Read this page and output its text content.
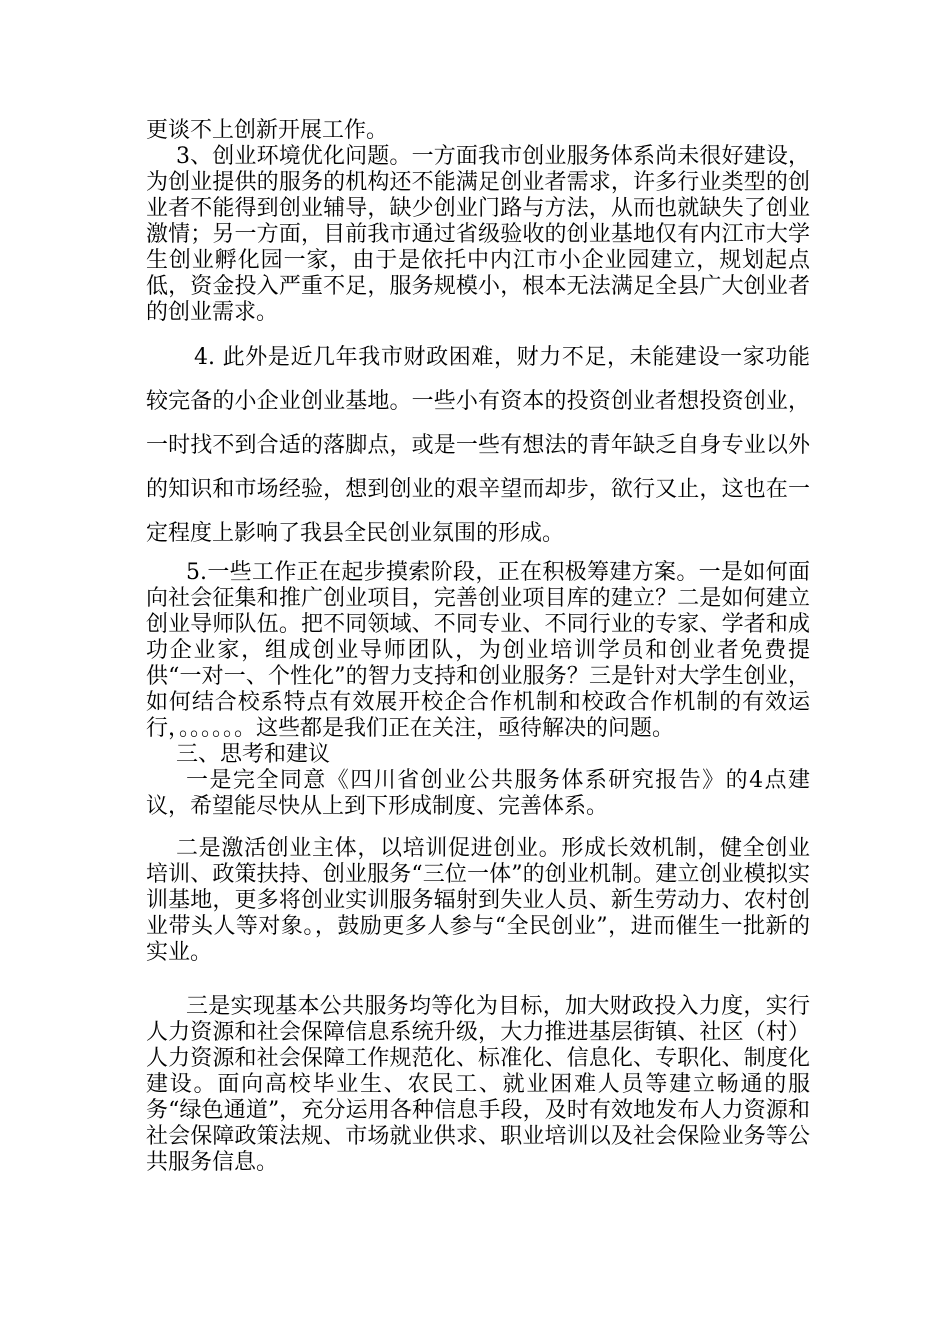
更谈不上创新开展工作。

3、创业环境优化问题。一方面我市创业服务体系尚未很好建设，为创业提供的服务的机构还不能满足创业者需求，许多行业类型的创业者不能得到创业辅导，缺少创业门路与方法，从而也就缺失了创业激情；另一方面，目前我市通过省级验收的创业基地仅有内江市大学生创业孵化园一家，由于是依托中内江市小企业园建立，规划起点低，资金投入严重不足，服务规模小，根本无法满足全县广大创业者的创业需求。

4. 此外是近几年我市财政困难，财力不足，未能建设一家功能较完备的小企业创业基地。一些小有资本的投资创业者想投资创业，一时找不到合适的落脚点，或是一些有想法的青年缺乏自身专业以外的知识和市场经验，想到创业的艰辛望而却步，欲行又止，这也在一定程度上影响了我县全民创业氛围的形成。

5.一些工作正在起步摸索阶段，正在积极筹建方案。一是如何面向社会征集和推广创业项目，完善创业项目库的建立？二是如何建立创业导师队伍。把不同领域、不同专业、不同行业的专家、学者和成功企业家，组成创业导师团队，为创业培训学员和创业者免费提供“一对一、个性化”的智力支持和创业服务？三是针对大学生创业，如何结合校系特点有效展开校企合作机制和校政合作机制的有效运行，。。。。。。这些都是我们正在关注，亟待解决的问题。

三、思考和建议

一是完全同意《四川省创业公共服务体系研究报告》的4点建议，希望能尽快从上到下形成制度、完善体系。

二是激活创业主体，以培训促进创业。形成长效机制，健全创业培训、政策扶持、创业服务“三位一体”的创业机制。建立创业模拟实训基地，更多将创业实训服务辐射到失业人员、新生劳动力、农村创业带头人等对象。，鼓励更多人参与“全民创业”，进而催生一批新的实业。

三是实现基本公共服务均等化为目标，加大财政投入力度，实行人力资源和社会保障信息系统升级，大力推进基层街镇、社区（村）人力资源和社会保障工作规范化、标准化、信息化、专职化、制度化建设。面向高校毕业生、农民工、就业困难人员等建立畅通的服务“绿色通道”，充分运用各种信息手段，及时有效地发布人力资源和社会保障政策法规、市场就业供求、职业培训以及社会保险业务等公共服务信息。
